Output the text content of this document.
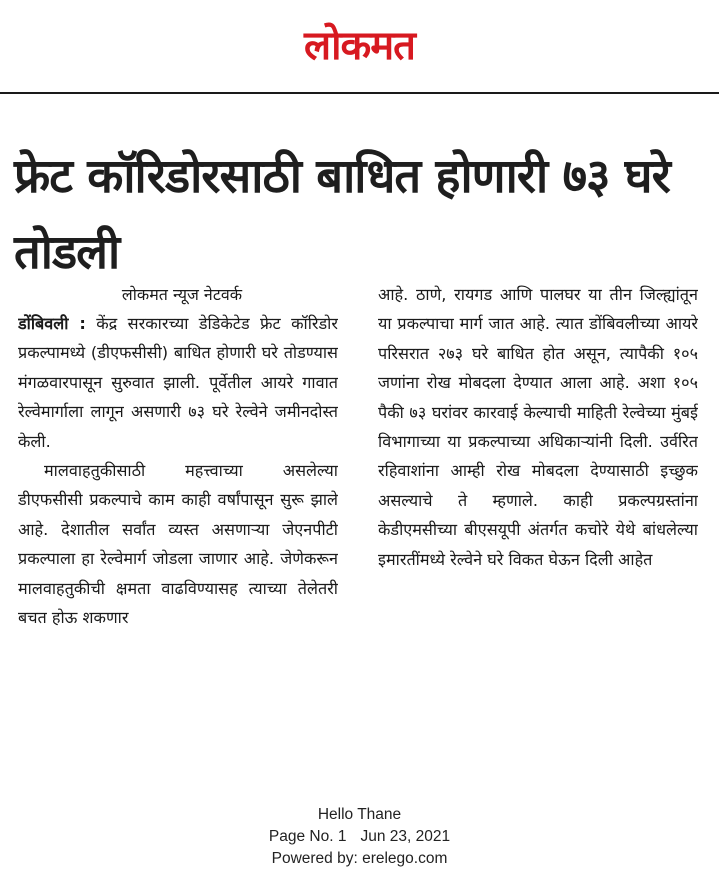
लोकमत
फ्रेट कॉरिडोरसाठी बाधित होणारी ७३ घरे तोडली

लोकमत न्यूज नेटवर्क

डोंबिवली : केंद्र सरकारच्या डेडिकेटेड फ्रेट कॉरिडोर प्रकल्पामध्ये (डीएफसीसी) बाधित होणारी घरे तोडण्यास मंगळवारपासून सुरुवात झाली. पूर्वेतील आयरे गावात रेल्वेमार्गाला लागून असणारी ७३ घरे रेल्वेने जमीनदोस्त केली.

मालवाहतुकीसाठी महत्त्वाच्या असलेल्या डीएफसीसी प्रकल्पाचे काम काही वर्षांपासून सुरू झाले आहे. देशातील सर्वांत व्यस्त असणाऱ्या जेएनपीटी प्रकल्पाला हा रेल्वेमार्ग जोडला जाणार आहे. जेणेकरून मालवाहतुकीची क्षमता वाढविण्यासह त्याच्या तेलेतरी बचत होऊ शकणार

आहे. ठाणे, रायगड आणि पालघर या तीन जिल्ह्यांतून या प्रकल्पाचा मार्ग जात आहे. त्यात डोंबिवलीच्या आयरे परिसरात २७३ घरे बाधित होत असून, त्यापैकी १०५ जणांना रोख मोबदला देण्यात आला आहे. अशा १०५ पैकी ७३ घरांवर कारवाई केल्याची माहिती रेल्वेच्या मुंबई विभागाच्या या प्रकल्पाच्या अधिकाऱ्यांनी दिली. उर्वरित रहिवाशांना आम्ही रोख मोबदला देण्यासाठी इच्छुक असल्याचे ते म्हणाले. काही प्रकल्पग्रस्तांना केडीएमसीच्या बीएसयूपी अंतर्गत कचोरे येथे बांधलेल्या इमारतींमध्ये रेल्वेने घरे विकत घेऊन दिली आहेत

Hello Thane
Page No. 1 Jun 23, 2021
Powered by: erelego.com
